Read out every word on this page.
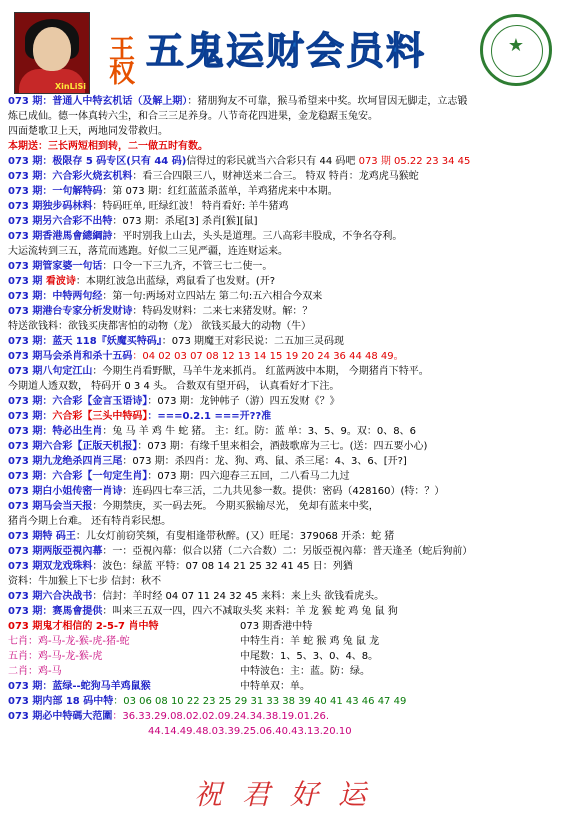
XinLiSi
王 权
五鬼运财会员料	★
073 期：普通人中特玄机话（及解上期）：猪朋狗友不可靠，猴马希望来中奖。坎坷冒因无脚走，立志锻
炼已成仙。德一体真转六尘，和合三三足养身。八节奇花四进果，金龙稳踞玉兔安。
四面楚歌卫上天，两地同发带救归。
本期送：三长两短相到转，二一做五时有数。
073 期：极限存 5 码专区(只有 44 码)信得过的彩民就当六合彩只有 44 码吧 073 期 05.22 23 34 45
073 期：六合彩火烧玄机料：看三合四限三八，财神送来二合三。 特双 特肖：龙鸡虎马猴蛇
073 期：一句解特码：第 073 期：红红蓝蓝杀蓝单，羊鸡猪虎来中本期。
073 期独步码林料：特码旺单, 旺绿红波！ 特肖看好: 羊牛猪鸡
073 期另六合彩不出特：073 期：杀尾[3] 杀肖[猴][鼠]
073 期香港馬會總綱詩：平时别我上山去，头头是道理。三八高彩丰股成，不争名夺利。
大运流转到三五，落荒而逃跑。好似二三见严疆，连连财运来。
073 期管家婆一句话：口令一下三九齐，不管三七二使一。
073 期 看波诗：本期红波急出蓝绿，鸡鼠看了也发财。(开?
073 期：中特两句经：第一句:两场对立四站左 第二句:五六相合今双来
073 期港台专家分析发财诗：特码发财料：二来七来猪发财。解：？
特送欲钱料：欲钱买庚都害怕的动物（龙） 欲钱买最大的动物（牛）
073 期：蓝天 118『妖魔买特码』：073 期魔王对彩民说：二五加三灵码现
073 期马会杀肖和杀十五码：04 02 03 07 08 12 13 14 15 19 20 24 36 44 48 49。
073 期八句定江山：今期生肖看野獸，马羊牛龙来抓肖。 红蓝两波中本期， 今期猪肖下特平。
今期道人透双数， 特码开 0 3 4 头。 合数双有望开码， 认真看好才下注。
073 期：六合彩【金言玉语诗】：073 期：龙钟帏子（游）四五发财《？》
073 期：六合彩【三头中特码】：===0.2.1 ===开??准
073 期：特必出生肖：兔 马 羊 鸡 牛 蛇 猪。 主：红。防：蓝 单：3、5、9。双：0、8、6
073 期六合彩【正版天机报】：073 期：有缘千里来相会，酒鼓歌席为三七。(送：四五要小心)
073 期九龙绝杀四肖三尾：073 期：杀四肖：龙、狗、鸡、鼠、杀三尾：4、3、6、[开?]
073 期：六合彩【一句定生肖】：073 期：四六迎春三五回，二八看马二九过
073 期白小姐传密一肖诗：连码四七奉三活，二九共见参一数。提供：密码（428160）(特：？）
073 期马会当天报：今期禁庚，买一码去死。 今期买猴输尽光， 免却有蓝来中奖，
猪肖今期上台难。 还有特肖彩民想。
073 期特 码王：儿女灯前窃笑频，有叟相逢带秋醉。(又）旺尾：379068 开杀：蛇 猪
073 期两版亞視內幕：一：亞視內幕：似合以猪（二六合数）二：另版亞視內幕：普天逢圣（蛇后狗前）
073 期双龙戏珠料：波色：绿蓝 平特：07 08 14 21 25 32 41 45 日：列猶
资料：牛加猴上下七步 信封：秋不
073 期六合决战书：信封：羊时经 04 07 11 24 32 45 来料：来上头 欲钱看虎头。
073 期：赛馬會提供：叫来三五双一四，四六不减取头奖 来料：羊 龙 猴 蛇 鸡 兔 鼠 狗
073 期鬼才相信的 2-5-7 肖中特	073 期香港中特
七肖：鸡-马-龙-猴-虎-猪-蛇	中特生肖：羊 蛇 猴 鸡 兔 鼠 龙
五肖：鸡-马-龙-猴-虎	中尾数：1、5、3、0、4、8。
二肖：鸡-马	中特波色：主：蓝。防：绿。
073 期：蓝绿--蛇狗马羊鸡鼠猴	中特单双：单。
073 期内部 18 码中特：03 06 08 10 22 23 25 29 31 33 38 39 40 41 43 46 47 49
073 期必中特碼大范圍：36.33.29.08.02.02.09.24.34.38.19.01.26.
44.14.49.48.03.39.25.06.40.43.13.20.10
祝君好运
